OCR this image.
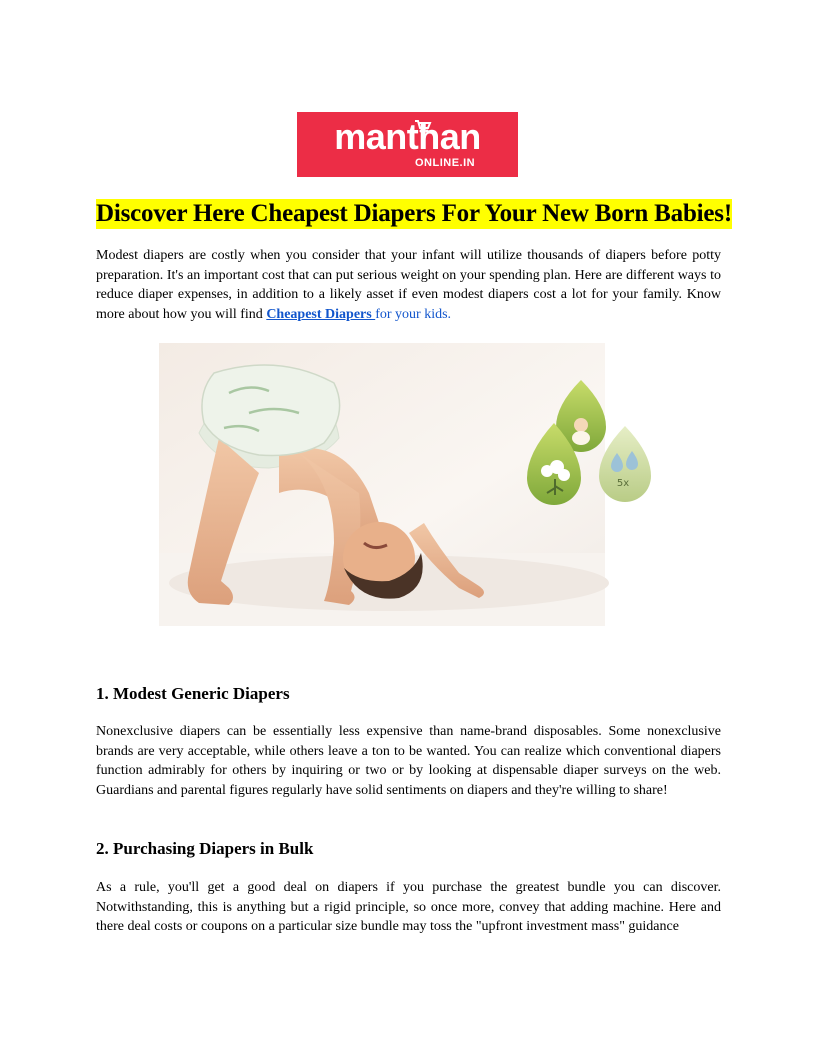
manthan
ONLINE.IN
Discover Here Cheapest Diapers For Your New Born Babies!

Modest diapers are costly when you consider that your infant will utilize thousands of diapers before potty preparation. It's an important cost that can put serious weight on your spending plan. Here are different ways to reduce diaper expenses, in addition to a likely asset if even modest diapers cost a lot for your family. Know more about how you will find Cheapest Diapers for your kids.

5x
1. Modest Generic Diapers

Nonexclusive diapers can be essentially less expensive than name-brand disposables. Some nonexclusive brands are very acceptable, while others leave a ton to be wanted. You can realize which conventional diapers function admirably for others by inquiring or two or by looking at dispensable diaper surveys on the web. Guardians and parental figures regularly have solid sentiments on diapers and they're willing to share!

2. Purchasing Diapers in Bulk

As a rule, you'll get a good deal on diapers if you purchase the greatest bundle you can discover. Notwithstanding, this is anything but a rigid principle, so once more, convey that adding machine. Here and there deal costs or coupons on a particular size bundle may toss the "upfront investment mass" guidance
